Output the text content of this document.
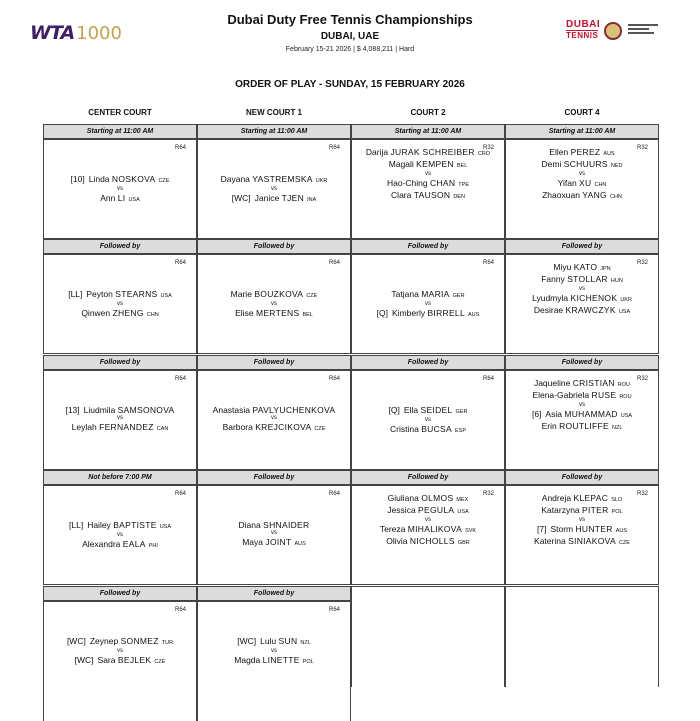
WTA 1000
Dubai Duty Free Tennis Championships
DUBAI, UAE
February 15-21 2026 | $ 4,088,211 | Hard
DUBAI
TENNIS
ORDER OF PLAY - SUNDAY, 15 FEBRUARY 2026
CENTER COURT	NEW COURT 1	COURT 2	COURT 4
Starting at 11:00 AM
R64
[10] Linda NOSKOVA CZE
vs
Ann LI USA
Starting at 11:00 AM
R64
Dayana YASTREMSKA UKR
vs
[WC] Janice TJEN INA
Starting at 11:00 AM
R32
Darija JURAK SCHREIBER CRO
Magali KEMPEN BEL
vs
Hao-Ching CHAN TPE
Clara TAUSON DEN
Starting at 11:00 AM
R32
Ellen PEREZ AUS
Demi SCHUURS NED
vs
Yifan XU CHN
Zhaoxuan YANG CHN
Followed by
R64
[LL] Peyton STEARNS USA
vs
Qinwen ZHENG CHN
Followed by
R64
Marie BOUZKOVA CZE
vs
Elise MERTENS BEL
Followed by
R64
Tatjana MARIA GER
vs
[Q] Kimberly BIRRELL AUS
Followed by
R32
Miyu KATO JPN
Fanny STOLLAR HUN
vs
Lyudmyla KICHENOK UKR
Desirae KRAWCZYK USA
Followed by
R64
[13] Liudmila SAMSONOVA
vs
Leylah FERNANDEZ CAN
Followed by
R64
Anastasia PAVLYUCHENKOVA
vs
Barbora KREJCIKOVA CZE
Followed by
R64
[Q] Ella SEIDEL GER
vs
Cristina BUCSA ESP
Followed by
R32
Jaqueline CRISTIAN ROU
Elena-Gabriela RUSE ROU
vs
[6] Asia MUHAMMAD USA
Erin ROUTLIFFE NZL
Not before 7:00 PM
R64
[LL] Hailey BAPTISTE USA
vs
Alexandra EALA PHI
Followed by
R64
Diana SHNAIDER
vs
Maya JOINT AUS
Followed by
R32
Giuliana OLMOS MEX
Jessica PEGULA USA
vs
Tereza MIHALIKOVA SVK
Olivia NICHOLLS GBR
Followed by
R32
Andreja KLEPAC SLO
Katarzyna PITER POL
vs
[7] Storm HUNTER AUS
Katerina SINIAKOVA CZE
Followed by
R64
[WC] Zeynep SONMEZ TUR
vs
[WC] Sara BEJLEK CZE
Followed by
R64
[WC] Lulu SUN NZL
vs
Magda LINETTE POL
